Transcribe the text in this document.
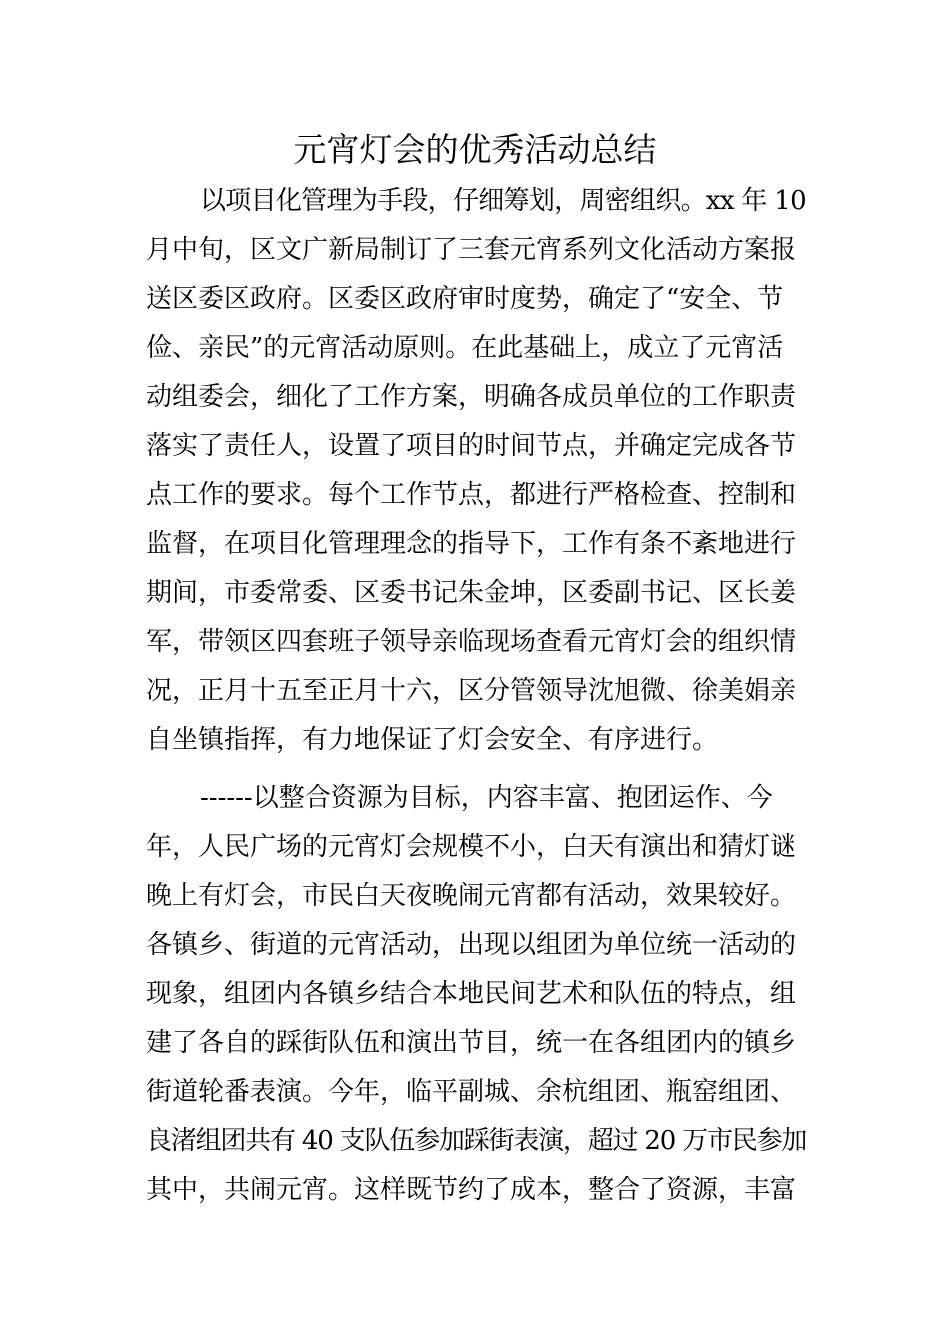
元宵灯会的优秀活动总结
以项目化管理为手段，仔细筹划，周密组织。xx 年 10
月中旬，区文广新局制订了三套元宵系列文化活动方案报
送区委区政府。区委区政府审时度势，确定了“安全、节
俭、亲民”的元宵活动原则。在此基础上，成立了元宵活
动组委会，细化了工作方案，明确各成员单位的工作职责
落实了责任人，设置了项目的时间节点，并确定完成各节
点工作的要求。每个工作节点，都进行严格检查、控制和
监督，在项目化管理理念的指导下，工作有条不紊地进行
期间，市委常委、区委书记朱金坤，区委副书记、区长姜
军，带领区四套班子领导亲临现场查看元宵灯会的组织情
况，正月十五至正月十六，区分管领导沈旭微、徐美娟亲
自坐镇指挥，有力地保证了灯会安全、有序进行。
------以整合资源为目标，内容丰富、抱团运作、今
年，人民广场的元宵灯会规模不小，白天有演出和猜灯谜
晚上有灯会，市民白天夜晚闹元宵都有活动，效果较好。
各镇乡、街道的元宵活动，出现以组团为单位统一活动的
现象，组团内各镇乡结合本地民间艺术和队伍的特点，组
建了各自的踩街队伍和演出节目，统一在各组团内的镇乡
街道轮番表演。今年，临平副城、余杭组团、瓶窑组团、
良渚组团共有 40 支队伍参加踩街表演，超过 20 万市民参加
其中，共闹元宵。这样既节约了成本，整合了资源，丰富
